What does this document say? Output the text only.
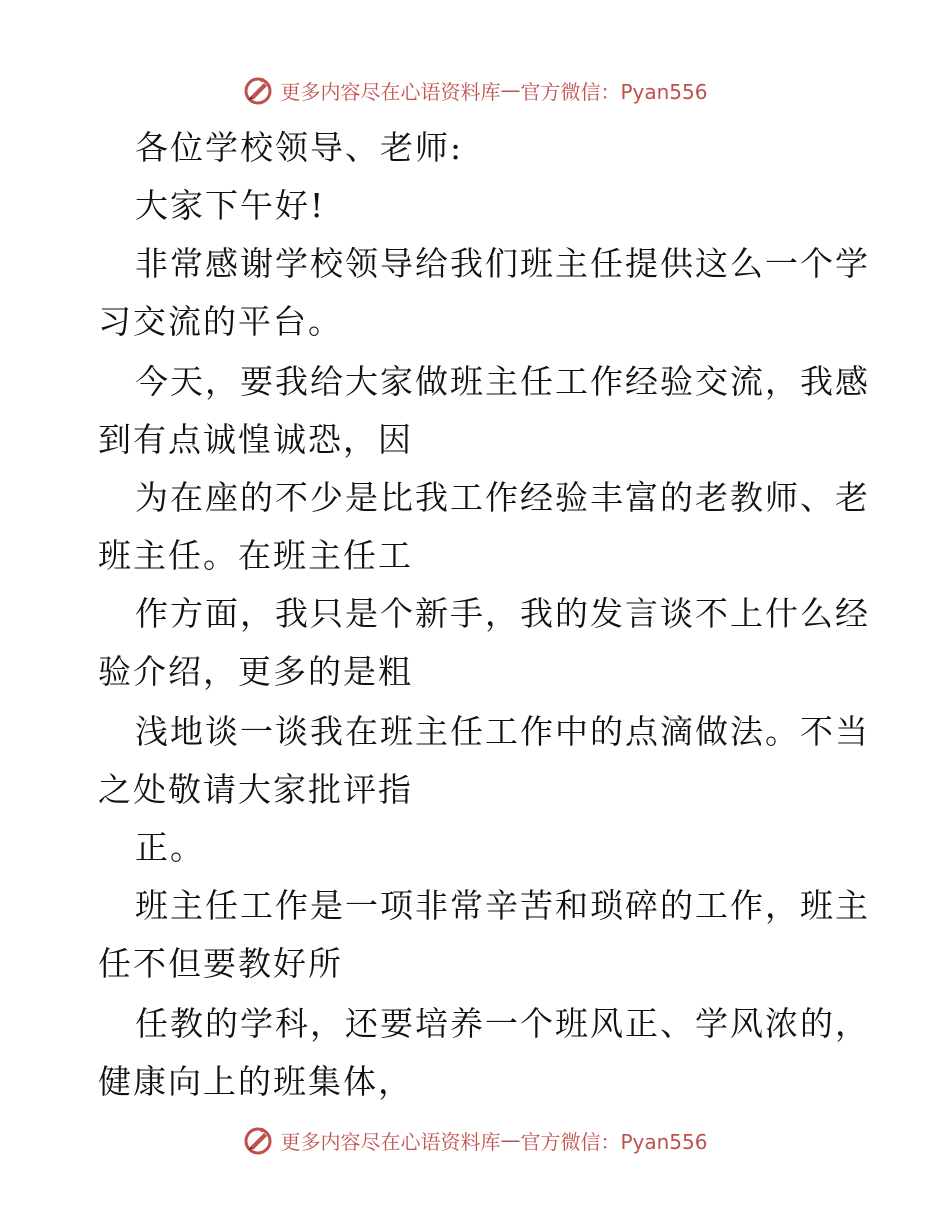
更多内容尽在心语资料库 — 官方微信：Pyan556
各位学校领导、老师:
大家下午好!
非常感谢学校领导给我们班主任提供这么一个学
习交流的平台。
今天，要我给大家做班主任工作经验交流，我感
到有点诚惶诚恐，因
为在座的不少是比我工作经验丰富的老教师、老
班主任。在班主任工
作方面，我只是个新手，我的发言谈不上什么经
验介绍，更多的是粗
浅地谈一谈我在班主任工作中的点滴做法。不当
之处敬请大家批评指
正。
班主任工作是一项非常辛苦和琐碎的工作，班主
任不但要教好所
任教的学科，还要培养一个班风正、学风浓的，
健康向上的班集体，
更多内容尽在心语资料库 — 官方微信：Pyan556
